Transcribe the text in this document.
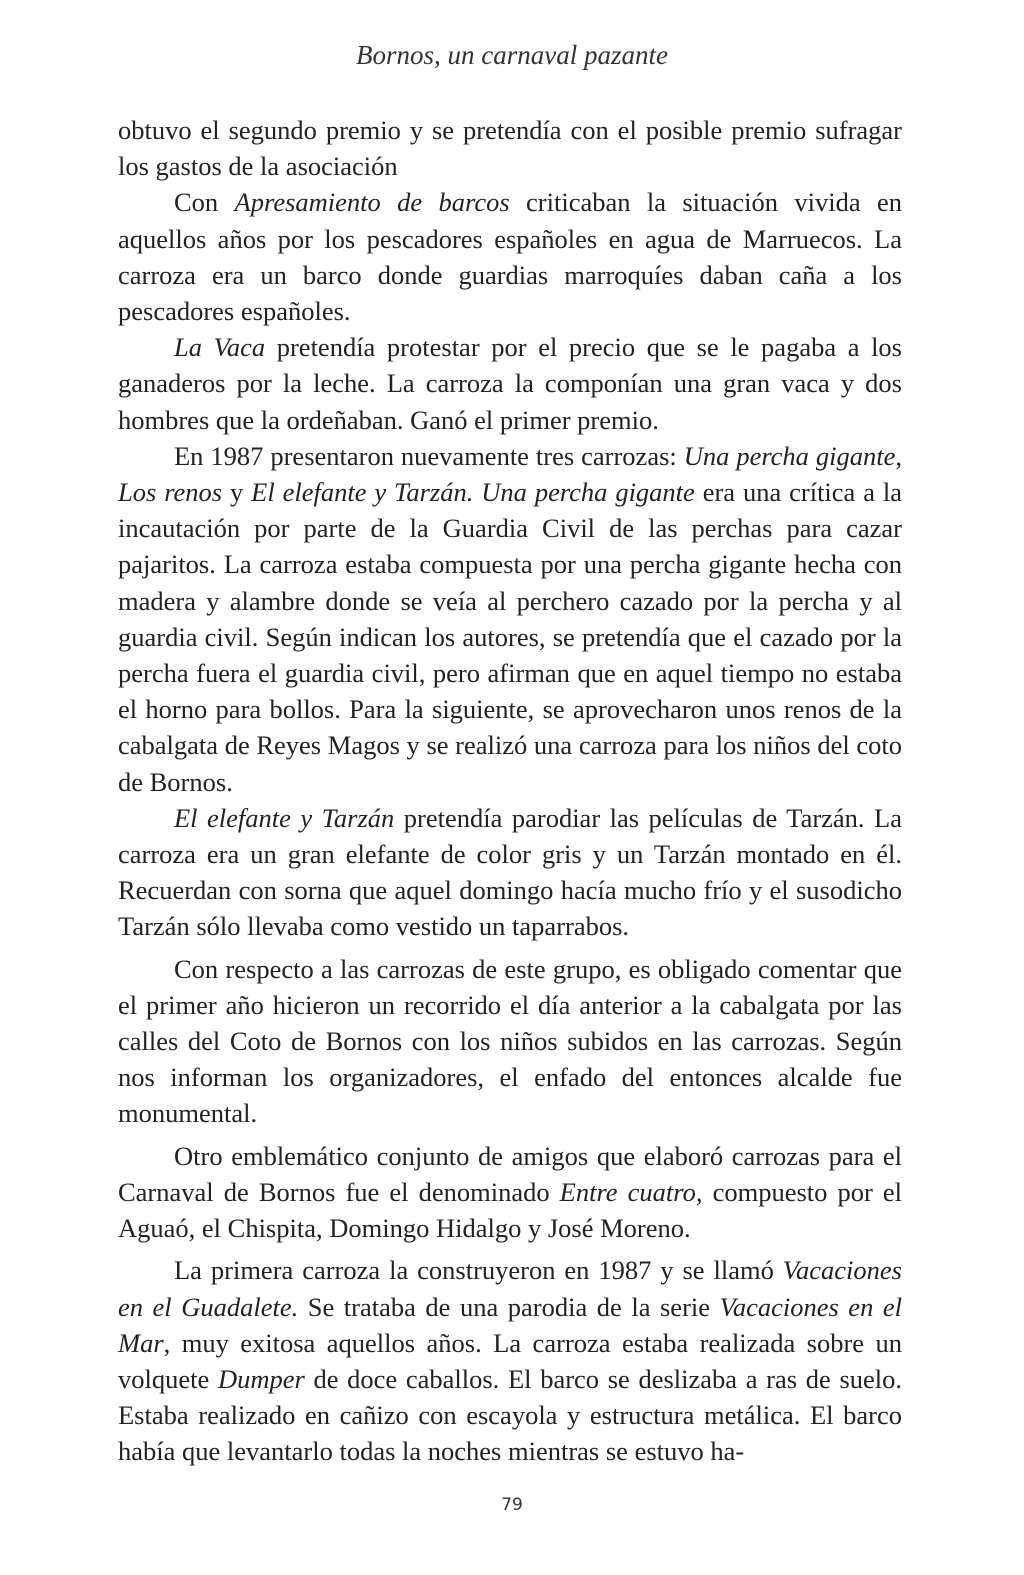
Bornos, un carnaval pazante

obtuvo el segundo premio y se pretendía con el posible premio sufragar los gastos de la asociación

Con Apresamiento de barcos criticaban la situación vivida en aquellos años por los pescadores españoles en agua de Marruecos. La carroza era un barco donde guardias marroquíes daban caña a los pescadores españoles.

La Vaca pretendía protestar por el precio que se le pagaba a los ganaderos por la leche. La carroza la componían una gran vaca y dos hombres que la ordeñaban. Ganó el primer premio.

En 1987 presentaron nuevamente tres carrozas: Una percha gigante, Los renos y El elefante y Tarzán. Una percha gigante era una crítica a la incautación por parte de la Guardia Civil de las perchas para cazar pajaritos. La carroza estaba compuesta por una percha gigante hecha con madera y alambre donde se veía al perchero cazado por la percha y al guardia civil. Según indican los autores, se pretendía que el cazado por la percha fuera el guardia civil, pero afirman que en aquel tiempo no estaba el horno para bollos. Para la siguiente, se aprovecharon unos renos de la cabalgata de Reyes Magos y se realizó una carroza para los niños del coto de Bornos.

El elefante y Tarzán pretendía parodiar las películas de Tarzán. La carroza era un gran elefante de color gris y un Tarzán montado en él. Recuerdan con sorna que aquel domingo hacía mucho frío y el susodicho Tarzán sólo llevaba como vestido un taparrabos.

Con respecto a las carrozas de este grupo, es obligado comentar que el primer año hicieron un recorrido el día anterior a la cabalgata por las calles del Coto de Bornos con los niños subidos en las carrozas. Según nos informan los organizadores, el enfado del entonces alcalde fue monumental.

Otro emblemático conjunto de amigos que elaboró carrozas para el Carnaval de Bornos fue el denominado Entre cuatro, compuesto por el Aguaó, el Chispita, Domingo Hidalgo y José Moreno.

La primera carroza la construyeron en 1987 y se llamó Vacaciones en el Guadalete. Se trataba de una parodia de la serie Vacaciones en el Mar, muy exitosa aquellos años. La carroza estaba realizada sobre un volquete Dumper de doce caballos. El barco se deslizaba a ras de suelo. Estaba realizado en cañizo con escayola y estructura metálica. El barco había que levantarlo todas la noches mientras se estuvo ha-

79
